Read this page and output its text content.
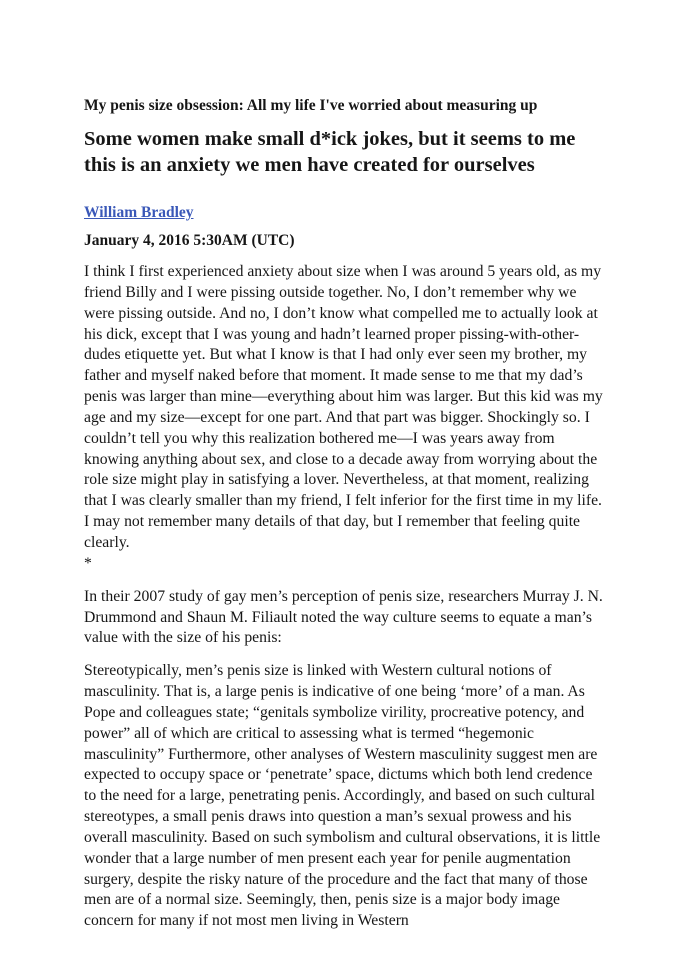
My penis size obsession: All my life I've worried about measuring up

Some women make small d*ick jokes, but it seems to me this is an anxiety we men have created for ourselves
William Bradley
January 4, 2016 5:30AM (UTC)

I think I first experienced anxiety about size when I was around 5 years old, as my friend Billy and I were pissing outside together. No, I don’t remember why we were pissing outside. And no, I don’t know what compelled me to actually look at his dick, except that I was young and hadn’t learned proper pissing-with-other-dudes etiquette yet. But what I know is that I had only ever seen my brother, my father and myself naked before that moment. It made sense to me that my dad’s penis was larger than mine—everything about him was larger. But this kid was my age and my size—except for one part. And that part was bigger. Shockingly so. I couldn’t tell you why this realization bothered me—I was years away from knowing anything about sex, and close to a decade away from worrying about the role size might play in satisfying a lover. Nevertheless, at that moment, realizing that I was clearly smaller than my friend, I felt inferior for the first time in my life. I may not remember many details of that day, but I remember that feeling quite clearly.

*

In their 2007 study of gay men’s perception of penis size, researchers Murray J. N. Drummond and Shaun M. Filiault noted the way culture seems to equate a man’s value with the size of his penis:

Stereotypically, men’s penis size is linked with Western cultural notions of masculinity. That is, a large penis is indicative of one being ‘more’ of a man. As Pope and colleagues state; “genitals symbolize virility, procreative potency, and power” all of which are critical to assessing what is termed “hegemonic masculinity” Furthermore, other analyses of Western masculinity suggest men are expected to occupy space or ‘penetrate’ space, dictums which both lend credence to the need for a large, penetrating penis. Accordingly, and based on such cultural stereotypes, a small penis draws into question a man’s sexual prowess and his overall masculinity. Based on such symbolism and cultural observations, it is little wonder that a large number of men present each year for penile augmentation surgery, despite the risky nature of the procedure and the fact that many of those men are of a normal size. Seemingly, then, penis size is a major body image concern for many if not most men living in Western
